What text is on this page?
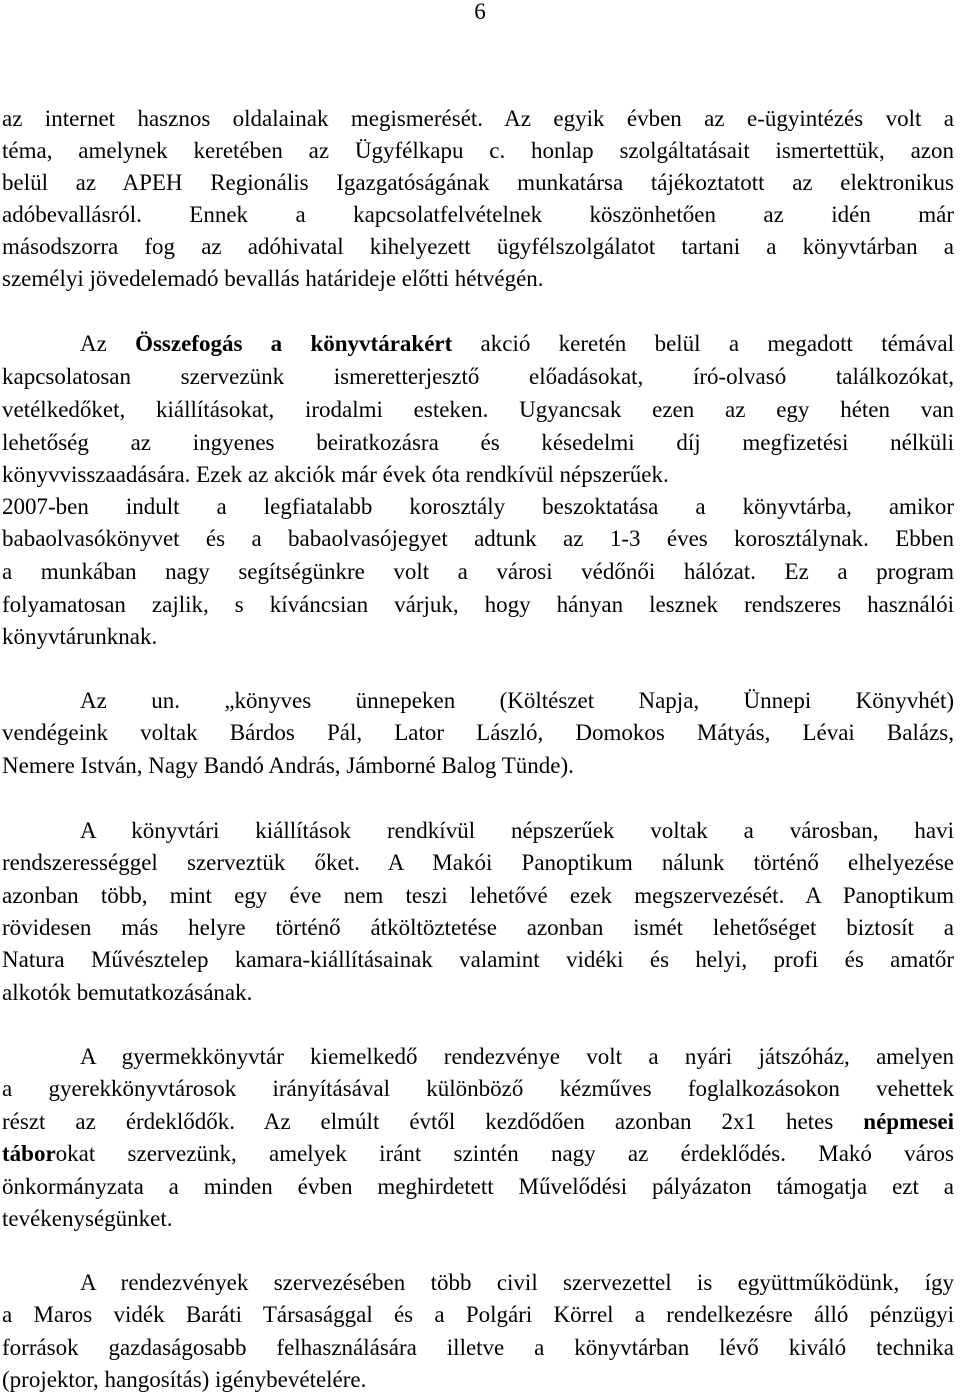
6

az internet hasznos oldalainak megismerését. Az egyik évben az e-ügyintézés volt a

téma, amelynek keretében az Ügyfélkapu c. honlap szolgáltatásait ismertettük, azon

belül az APEH Regionális Igazgatóságának munkatársa tájékoztatott az elektronikus

adóbevallásról. Ennek a kapcsolatfelvételnek köszönhetően az idén már

másodszorra fog az adóhivatal kihelyezett ügyfélszolgálatot tartani a könyvtárban a

személyi jövedelemadó bevallás határideje előtti hétvégén.

Az Összefogás a könyvtárakért akció keretén belül a megadott témával

kapcsolatosan szervezünk ismeretterjesztő előadásokat, író-olvasó találkozókat,

vetélkedőket, kiállításokat, irodalmi esteken. Ugyancsak ezen az egy héten van

lehetőség az ingyenes beiratkozásra és késedelmi díj megfizetési nélküli

könyvvisszaadására. Ezek az akciók már évek óta rendkívül népszerűek.

2007-ben indult a legfiatalabb korosztály beszoktatása a könyvtárba, amikor

babaolvasókönyvet és a babaolvasójegyet adtunk az 1-3 éves korosztálynak. Ebben

a munkában nagy segítségünkre volt a városi védőnői hálózat. Ez a program

folyamatosan zajlik, s kíváncsian várjuk, hogy hányan lesznek rendszeres használói

könyvtárunknak.

Az un. „könyves ünnepeken (Költészet Napja, Ünnepi Könyvhét)

vendégeink voltak Bárdos Pál, Lator László, Domokos Mátyás, Lévai Balázs,

Nemere István, Nagy Bandó András, Jámborné Balog Tünde).

A könyvtári kiállítások rendkívül népszerűek voltak a városban, havi

rendszerességgel szerveztük őket. A Makói Panoptikum nálunk történő elhelyezése

azonban több, mint egy éve nem teszi lehetővé ezek megszervezését. A Panoptikum

rövidesen más helyre történő átköltöztetése azonban ismét lehetőséget biztosít a

Natura Művésztelep kamara-kiállításainak valamint vidéki és helyi, profi és amatőr

alkotók bemutatkozásának.

A gyermekkönyvtár kiemelkedő rendezvénye volt a nyári játszóház, amelyen

a gyerekkönyvtárosok irányításával különböző kézműves foglalkozásokon vehettek

részt az érdeklődők. Az elmúlt évtől kezdődően azonban 2x1 hetes népmesei

táborokat szervezünk, amelyek iránt szintén nagy az érdeklődés. Makó város

önkormányzata a minden évben meghirdetett Művelődési pályázaton támogatja ezt a

tevékenységünket.

A rendezvények szervezésében több civil szervezettel is együttműködünk, így

a Maros vidék Baráti Társasággal és a Polgári Körrel a rendelkezésre álló pénzügyi

források gazdaságosabb felhasználására illetve a könyvtárban lévő kiváló technika

(projektor, hangosítás) igénybevételére.
